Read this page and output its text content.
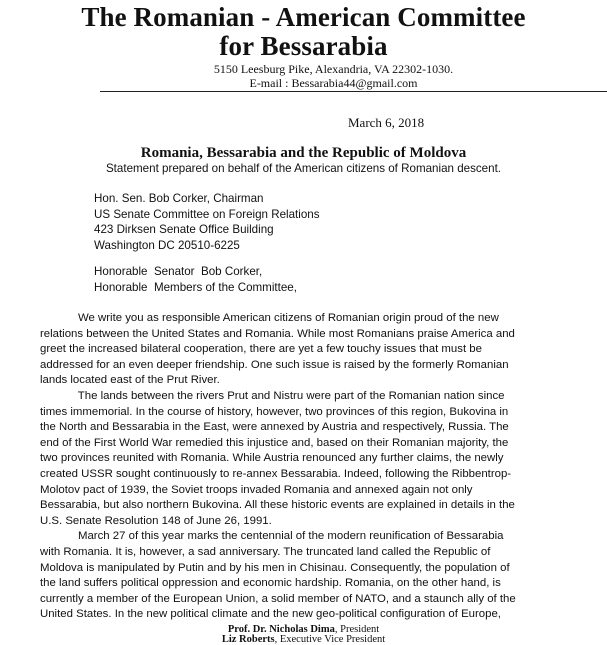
The Romanian - American Committee
for Bessarabia
5150 Leesburg Pike, Alexandria, VA 22302-1030.
E-mail : Bessarabia44@gmail.com
March 6, 2018
Romania, Bessarabia and the Republic of Moldova
Statement prepared on behalf of the American citizens of Romanian descent.
Hon. Sen. Bob Corker, Chairman
US Senate Committee on Foreign Relations
423 Dirksen Senate Office Building
Washington DC 20510-6225
Honorable  Senator  Bob Corker,
Honorable  Members of the Committee,
We write you as responsible American citizens of Romanian origin proud of the new
relations between the United States and Romania. While most Romanians praise America and
greet the increased bilateral cooperation, there are yet a few touchy issues that must be
addressed for an even deeper friendship. One such issue is raised by the formerly Romanian
lands located east of the Prut River.
The lands between the rivers Prut and Nistru were part of the Romanian nation since
times immemorial. In the course of history, however, two provinces of this region, Bukovina in
the North and Bessarabia in the East, were annexed by Austria and respectively, Russia. The
end of the First World War remedied this injustice and, based on their Romanian majority, the
two provinces reunited with Romania. While Austria renounced any further claims, the newly
created USSR sought continuously to re-annex Bessarabia. Indeed, following the Ribbentrop-
Molotov pact of 1939, the Soviet troops invaded Romania and annexed again not only
Bessarabia, but also northern Bukovina. All these historic events are explained in details in the
U.S. Senate Resolution 148 of June 26, 1991.
March 27 of this year marks the centennial of the modern reunification of Bessarabia
with Romania. It is, however, a sad anniversary. The truncated land called the Republic of
Moldova is manipulated by Putin and by his men in Chisinau. Consequently, the population of
the land suffers political oppression and economic hardship. Romania, on the other hand, is
currently a member of the European Union, a solid member of NATO, and a staunch ally of the
United States. In the new political climate and the new geo-political configuration of Europe,
Prof. Dr. Nicholas Dima, President
Liz Roberts, Executive Vice President
